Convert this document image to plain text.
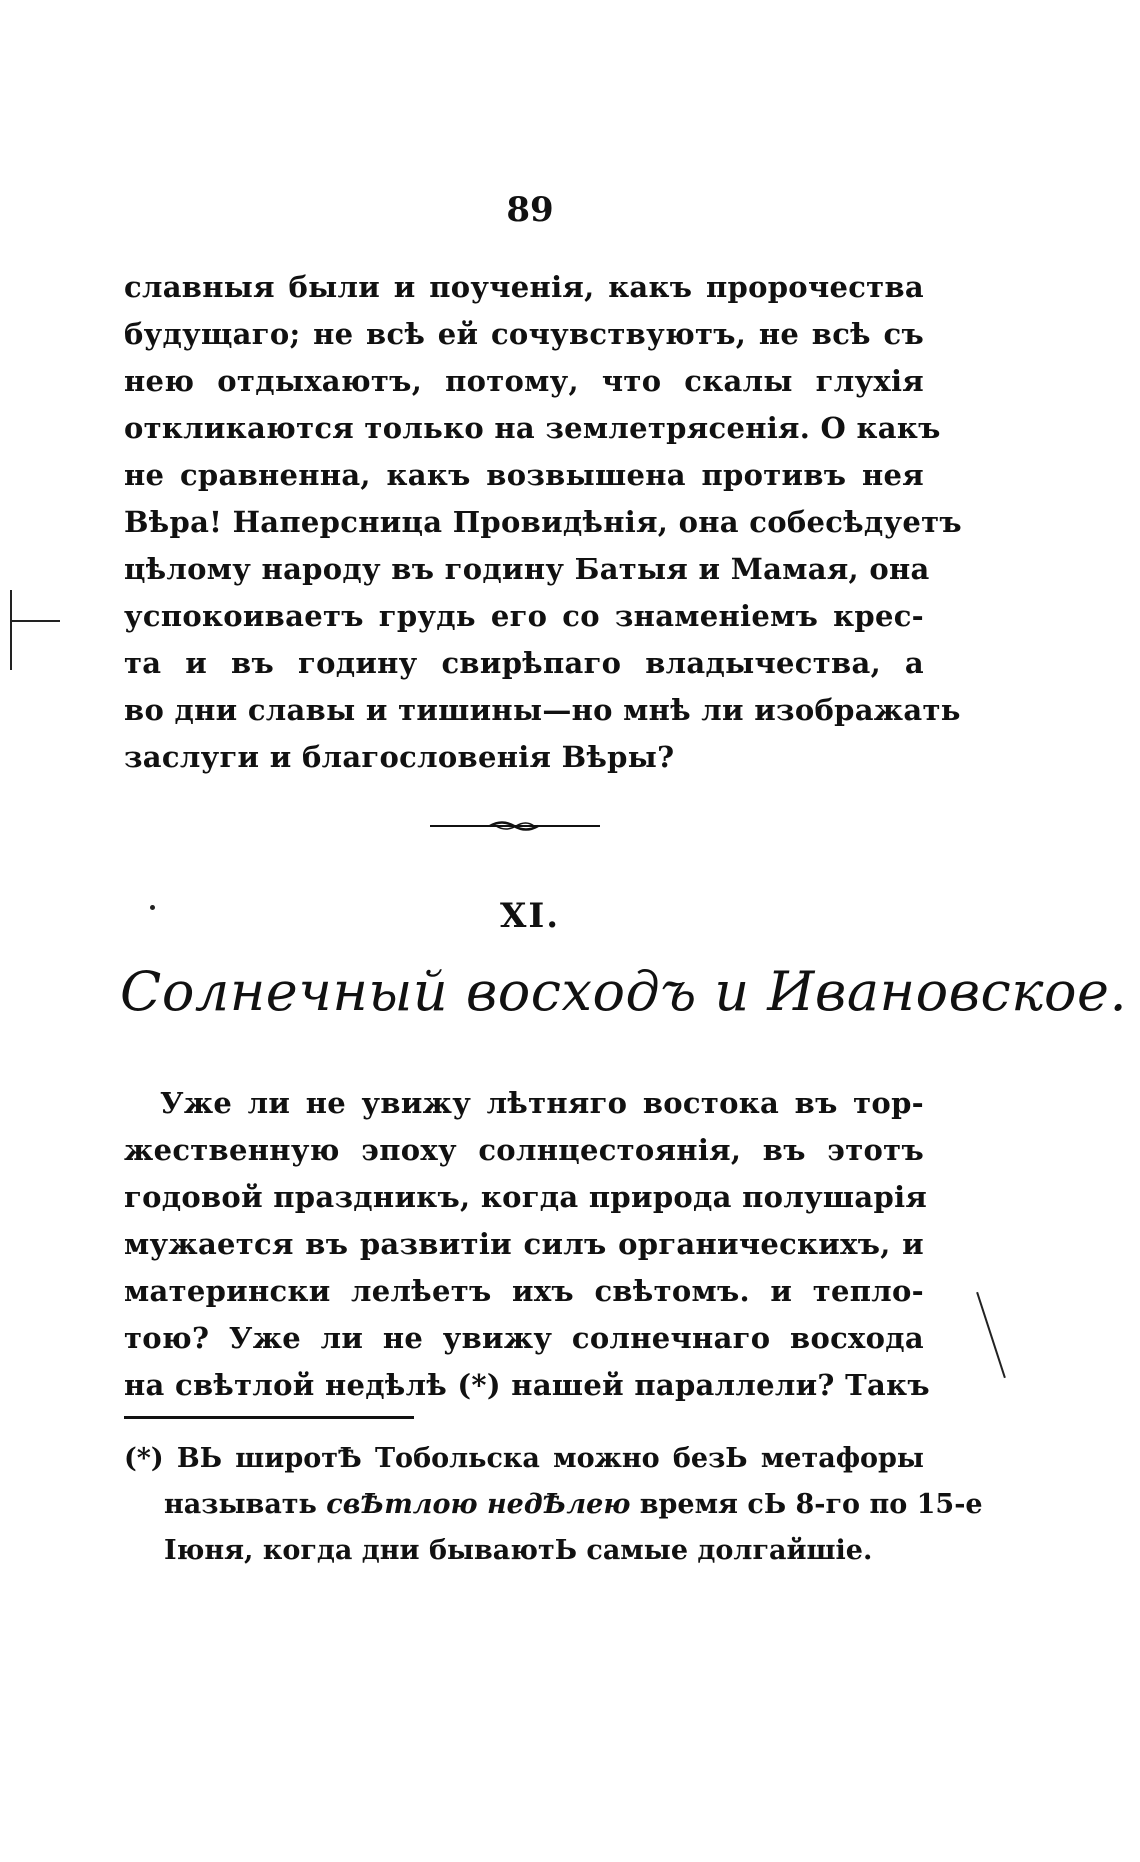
89
славныя были и поученія, какъ пророчества
будущаго; не всѣ ей сочувствуютъ, не всѣ съ
нею отдыхаютъ, потому, что скалы глухія
откликаются только на землетрясенія. О какъ
не сравненна, какъ возвышена противъ нея
Вѣра! Наперсница Провидѣнія, она собесѣдуетъ
цѣлому народу въ годину Батыя и Мамая, она
успокоиваетъ грудь его со знаменіемъ крес-
та и въ годину свирѣпаго владычества, а
во дни славы и тишины—но мнѣ ли изображать
заслуги и благословенія Вѣры?
XI.
Солнечный восходъ и Ивановское.
Уже ли не увижу лѣтняго востока въ тор-
жественную эпоху солнцестоянія, въ этотъ
годовой праздникъ, когда природа полушарія
мужается въ развитіи силъ органическихъ, и
матерински лелѣетъ ихъ свѣтомъ. и тепло-
тою? Уже ли не увижу солнечнаго восхода
на свѣтлой недѣлѣ (*) нашей параллели? Такъ
(*) ВЬ широтѢ Тобольска можно безЬ метафоры
называть свѢтлою недѢлею время сЬ 8-го по 15-е
Іюня, когда дни бываютЬ самые долгайшіе.
